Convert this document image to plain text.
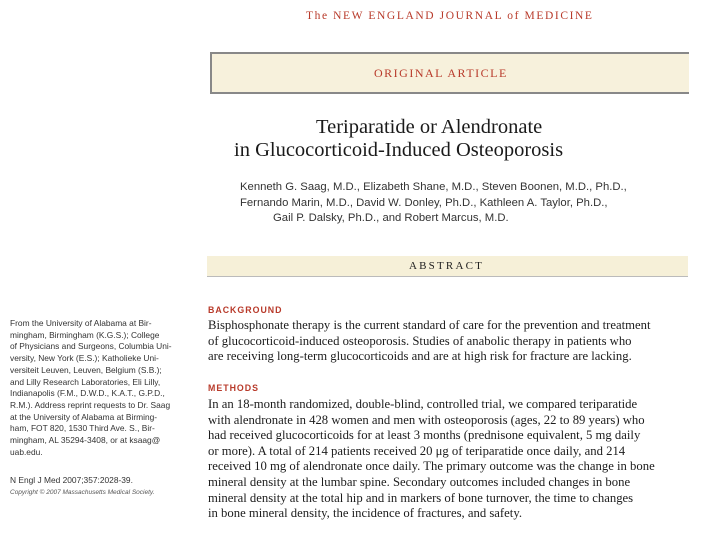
The NEW ENGLAND JOURNAL of MEDICINE
ORIGINAL ARTICLE
Teriparatide or Alendronate
in Glucocorticoid-Induced Osteoporosis
Kenneth G. Saag, M.D., Elizabeth Shane, M.D., Steven Boonen, M.D., Ph.D.,
Fernando Marin, M.D., David W. Donley, Ph.D., Kathleen A. Taylor, Ph.D.,
Gail P. Dalsky, Ph.D., and Robert Marcus, M.D.
ABSTRACT
BACKGROUND
Bisphosphonate therapy is the current standard of care for the prevention and treatment
of glucocorticoid-induced osteoporosis. Studies of anabolic therapy in patients who
are receiving long-term glucocorticoids and are at high risk for fracture are lacking.
METHODS
In an 18-month randomized, double-blind, controlled trial, we compared teriparatide
with alendronate in 428 women and men with osteoporosis (ages, 22 to 89 years) who
had received glucocorticoids for at least 3 months (prednisone equivalent, 5 mg daily
or more). A total of 214 patients received 20 μg of teriparatide once daily, and 214
received 10 mg of alendronate once daily. The primary outcome was the change in bone
mineral density at the lumbar spine. Secondary outcomes included changes in bone
mineral density at the total hip and in markers of bone turnover, the time to changes
in bone mineral density, the incidence of fractures, and safety.
From the University of Alabama at Bir-
mingham, Birmingham (K.G.S.); College
of Physicians and Surgeons, Columbia Uni-
versity, New York (E.S.); Katholieke Uni-
versiteit Leuven, Leuven, Belgium (S.B.);
and Lilly Research Laboratories, Eli Lilly,
Indianapolis (F.M., D.W.D., K.A.T., G.P.D.,
R.M.). Address reprint requests to Dr. Saag
at the University of Alabama at Birming-
ham, FOT 820, 1530 Third Ave. S., Bir-
mingham, AL 35294-3408, or at ksaag@
uab.edu.
N Engl J Med 2007;357:2028-39.
Copyright © 2007 Massachusetts Medical Society.
